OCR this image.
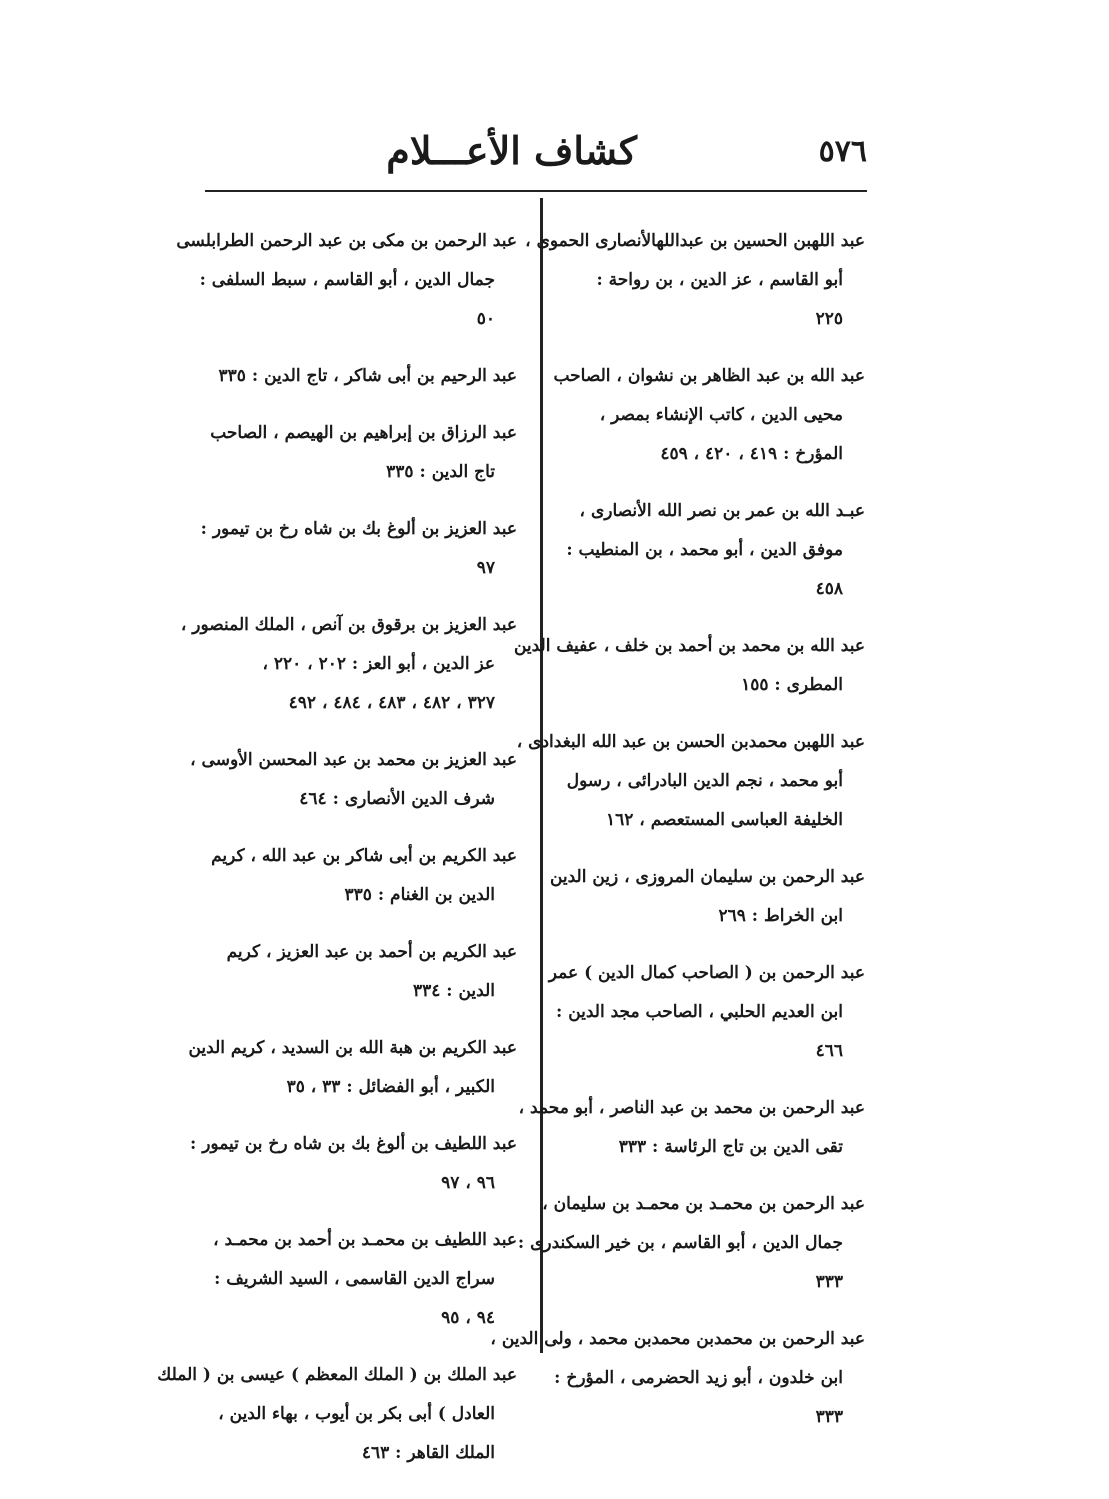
٥٧٦
كشاف الأعـــلام

عبد اللهبن الحسين بن عبداللهالأنصارى الحموى ،
أبو القاسم ، عز الدين ، بن رواحة :
٢٢٥

عبد الله بن عبد الظاهر بن نشوان ، الصاحب
محيى الدين ، كاتب الإنشاء بمصر ،
المؤرخ : ٤١٩ ، ٤٢٠ ، ٤٥٩

عبـد الله بن عمر بن نصر الله الأنصارى ،
موفق الدين ، أبو محمد ، بن المنطيب :
٤٥٨

عبد الله بن محمد بن أحمد بن خلف ، عفيف الدين
المطرى : ١٥٥

عبد اللهبن محمدبن الحسن بن عبد الله البغدادى ،
أبو محمد ، نجم الدين البادرائى ، رسول
الخليفة العباسى المستعصم ، ١٦٢

عبد الرحمن بن سليمان المروزى ، زين الدين
ابن الخراط : ٢٦٩

عبد الرحمن بن ( الصاحب كمال الدين ) عمر
ابن العديم الحلبي ، الصاحب مجد الدين :
٤٦٦

عبد الرحمن بن محمد بن عبد الناصر ، أبو محمد ،
تقى الدين بن تاج الرئاسة : ٣٣٣

عبد الرحمن بن محمـد بن محمـد بن سليمان ،
جمال الدين ، أبو القاسم ، بن خير السكندرى :
٣٣٣

عبد الرحمن بن محمدبن محمدبن محمد ، ولى الدين ،
ابن خلدون ، أبو زيد الحضرمى ، المؤرخ :
٣٣٣

عبد الرحمن بن مكى بن عبد الرحمن الطرابلسى
جمال الدين ، أبو القاسم ، سبط السلفى :
٥٠

عبد الرحيم بن أبى شاكر ، تاج الدين : ٣٣٥

عبد الرزاق بن إبراهيم بن الهيصم ، الصاحب
تاج الدين : ٣٣٥

عبد العزيز بن ألوغ بك بن شاه رخ بن تيمور :
٩٧

عبد العزيز بن برقوق بن آنص ، الملك المنصور ،
عز الدين ، أبو العز : ٢٠٢ ، ٢٢٠ ،
٣٢٧ ، ٤٨٢ ، ٤٨٣ ، ٤٨٤ ، ٤٩٢

عبد العزيز بن محمد بن عبد المحسن الأوسى ،
شرف الدين الأنصارى : ٤٦٤

عبد الكريم بن أبى شاكر بن عبد الله ، كريم
الدين بن الغنام : ٣٣٥

عبد الكريم بن أحمد بن عبد العزيز ، كريم
الدين : ٣٣٤

عبد الكريم بن هبة الله بن السديد ، كريم الدين
الكبير ، أبو الفضائل : ٣٣ ، ٣٥

عبد اللطيف بن ألوغ بك بن شاه رخ بن تيمور :
٩٦ ، ٩٧

عبد اللطيف بن محمـد بن أحمد بن محمـد ،
سراج الدين القاسمى ، السيد الشريف :
٩٤ ، ٩٥

عبد الملك بن ( الملك المعظم ) عيسى بن ( الملك
العادل ) أبى بكر بن أيوب ، بهاء الدين ،
الملك القاهر : ٤٦٣
